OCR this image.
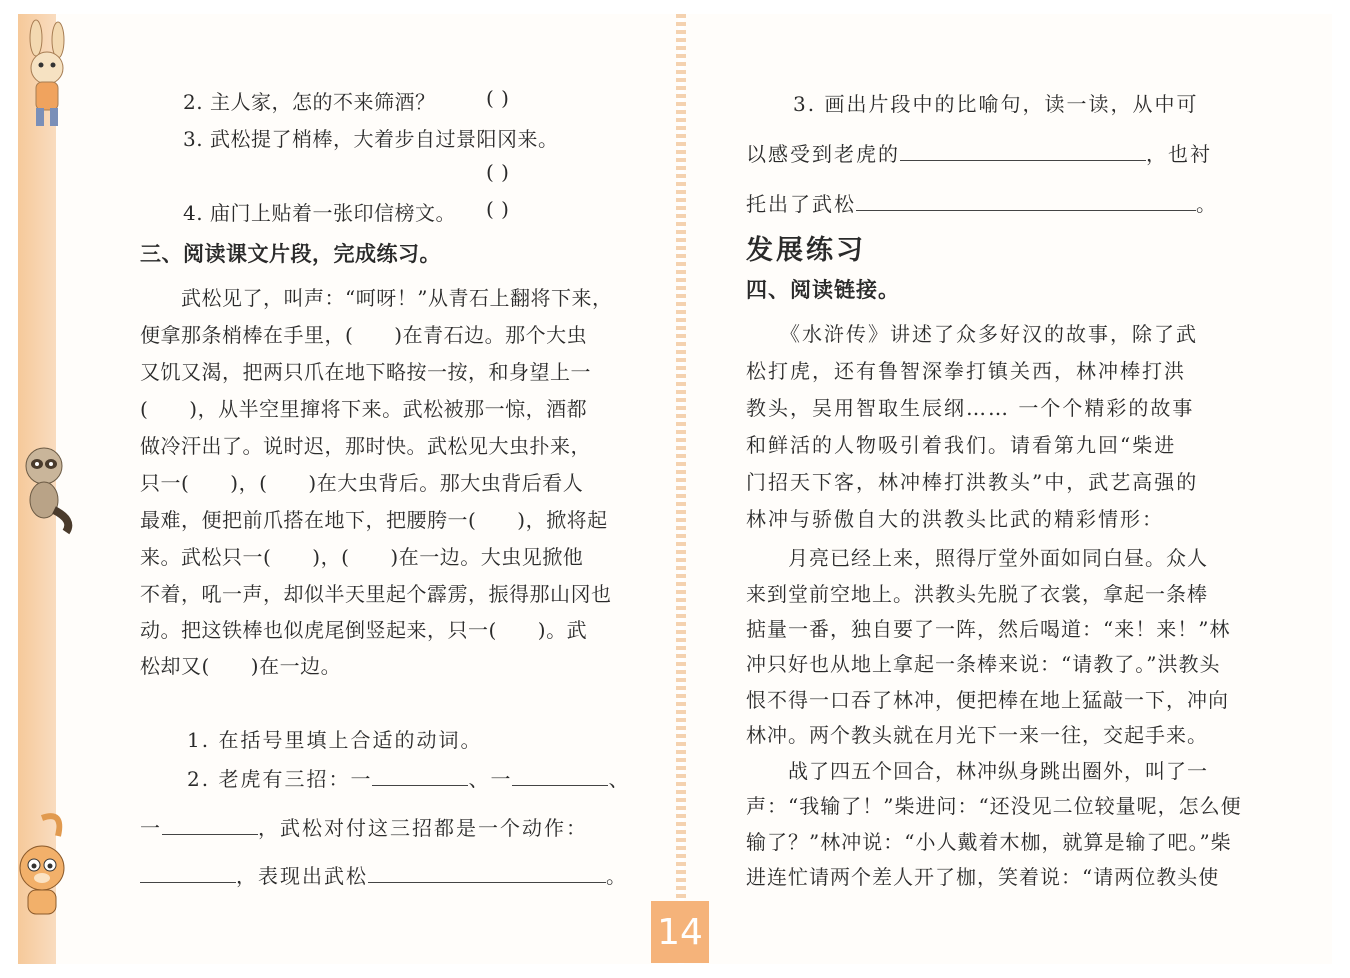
2. 主人家，怎的不来筛酒？	( )
3. 武松提了梢棒，大着步自过景阳冈来。
( )
4. 庙门上贴着一张印信榜文。 ( )
三、阅读课文片段，完成练习。
　　武松见了，叫声：“呵呀！”从青石上翻将下来，
便拿那条梢棒在手里，(　　)在青石边。那个大虫
又饥又渴，把两只爪在地下略按一按，和身望上一
(　　)，从半空里撺将下来。武松被那一惊，酒都
做冷汗出了。说时迟，那时快。武松见大虫扑来，
只一(　　)，(　　)在大虫背后。那大虫背后看人
最难，便把前爪搭在地下，把腰胯一(　　)，掀将起
来。武松只一(　　)，(　　)在一边。大虫见掀他
不着，吼一声，却似半天里起个霹雳，振得那山冈也
动。把这铁棒也似虎尾倒竖起来，只一(　　)。武
松却又(　　)在一边。
1. 在括号里填上合适的动词。
2. 老虎有三招：一	、一	、
一	，武松对付这三招都是一个动作：
，表现出武松	。
3. 画出片段中的比喻句，读一读，从中可
以感受到老虎的	，也衬
托出了武松	。
发展练习
四、阅读链接。
　　《水浒传》讲述了众多好汉的故事，除了武
松打虎，还有鲁智深拳打镇关西，林冲棒打洪
教头，吴用智取生辰纲…… 一个个精彩的故事
和鲜活的人物吸引着我们。请看第九回“柴进
门招天下客，林冲棒打洪教头”中，武艺高强的
林冲与骄傲自大的洪教头比武的精彩情形：
　　月亮已经上来，照得厅堂外面如同白昼。众人
来到堂前空地上。洪教头先脱了衣裳，拿起一条棒
掂量一番，独自要了一阵，然后喝道：“来！来！”林
冲只好也从地上拿起一条棒来说：“请教了。”洪教头
恨不得一口吞了林冲，便把棒在地上猛敲一下，冲向
林冲。两个教头就在月光下一来一往，交起手来。
　　战了四五个回合，林冲纵身跳出圈外，叫了一
声：“我输了！”柴进问：“还没见二位较量呢，怎么便
输了？”林冲说：“小人戴着木枷，就算是输了吧。”柴
进连忙请两个差人开了枷，笑着说：“请两位教头使
14
